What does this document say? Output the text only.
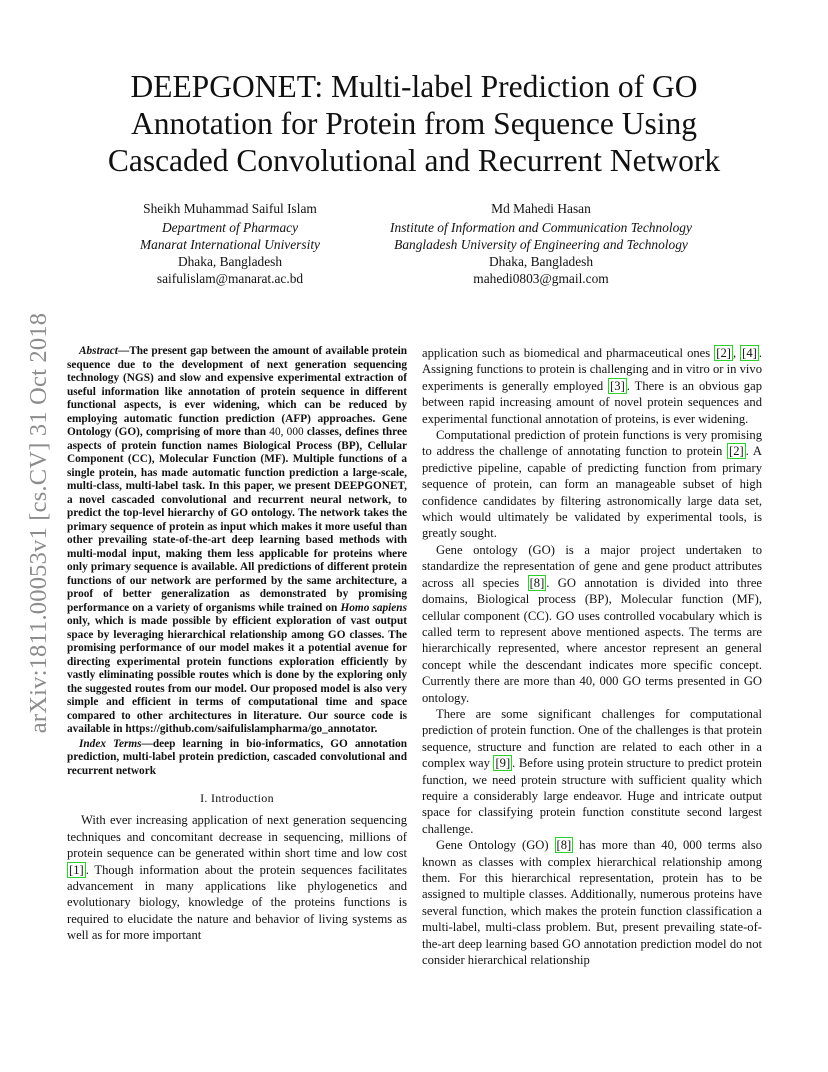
arXiv:1811.00053v1 [cs.CV] 31 Oct 2018
DEEPGONET: Multi-label Prediction of GO Annotation for Protein from Sequence Using Cascaded Convolutional and Recurrent Network
Sheikh Muhammad Saiful Islam
Department of Pharmacy
Manarat International University
Dhaka, Bangladesh
saifulislam@manarat.ac.bd
Md Mahedi Hasan
Institute of Information and Communication Technology
Bangladesh University of Engineering and Technology
Dhaka, Bangladesh
mahedi0803@gmail.com

Abstract—The present gap between the amount of available protein sequence due to the development of next generation sequencing technology (NGS) and slow and expensive experimental extraction of useful information like annotation of protein sequence in different functional aspects, is ever widening, which can be reduced by employing automatic function prediction (AFP) approaches. Gene Ontology (GO), comprising of more than 40, 000 classes, defines three aspects of protein function names Biological Process (BP), Cellular Component (CC), Molecular Function (MF). Multiple functions of a single protein, has made automatic function prediction a large-scale, multi-class, multi-label task. In this paper, we present DEEPGONET, a novel cascaded convolutional and recurrent neural network, to predict the top-level hierarchy of GO ontology. The network takes the primary sequence of protein as input which makes it more useful than other prevailing state-of-the-art deep learning based methods with multi-modal input, making them less applicable for proteins where only primary sequence is available. All predictions of different protein functions of our network are performed by the same architecture, a proof of better generalization as demonstrated by promising performance on a variety of organisms while trained on Homo sapiens only, which is made possible by efficient exploration of vast output space by leveraging hierarchical relationship among GO classes. The promising performance of our model makes it a potential avenue for directing experimental protein functions exploration efficiently by vastly eliminating possible routes which is done by the exploring only the suggested routes from our model. Our proposed model is also very simple and efficient in terms of computational time and space compared to other architectures in literature. Our source code is available in https://github.com/saifulislampharma/go_annotator.

Index Terms—deep learning in bio-informatics, GO annotation prediction, multi-label protein prediction, cascaded convolutional and recurrent network

I. Introduction

With ever increasing application of next generation sequencing techniques and concomitant decrease in sequencing, millions of protein sequence can be generated within short time and low cost [1] . Though information about the protein sequences facilitates advancement in many applications like phylogenetics and evolutionary biology, knowledge of the proteins functions is required to elucidate the nature and behavior of living systems as well as for more important

application such as biomedical and pharmaceutical ones [2] , [4] . Assigning functions to protein is challenging and in vitro or in vivo experiments is generally employed [3] . There is an obvious gap between rapid increasing amount of novel protein sequences and experimental functional annotation of proteins, is ever widening.

Computational prediction of protein functions is very promising to address the challenge of annotating function to protein [2] . A predictive pipeline, capable of predicting function from primary sequence of protein, can form an manageable subset of high confidence candidates by filtering astronomically large data set, which would ultimately be validated by experimental tools, is greatly sought.

Gene ontology (GO) is a major project undertaken to standardize the representation of gene and gene product attributes across all species [8] . GO annotation is divided into three domains, Biological process (BP), Molecular function (MF), cellular component (CC). GO uses controlled vocabulary which is called term to represent above mentioned aspects. The terms are hierarchically represented, where ancestor represent an general concept while the descendant indicates more specific concept. Currently there are more than 40, 000 GO terms presented in GO ontology.

There are some significant challenges for computational prediction of protein function. One of the challenges is that protein sequence, structure and function are related to each other in a complex way [9] . Before using protein structure to predict protein function, we need protein structure with sufficient quality which require a considerably large endeavor. Huge and intricate output space for classifying protein function constitute second largest challenge.

Gene Ontology (GO) [8] has more than 40, 000 terms also known as classes with complex hierarchical relationship among them. For this hierarchical representation, protein has to be assigned to multiple classes. Additionally, numerous proteins have several function, which makes the protein function classification a multi-label, multi-class problem. But, present prevailing state-of-the-art deep learning based GO annotation prediction model do not consider hierarchical relationship
